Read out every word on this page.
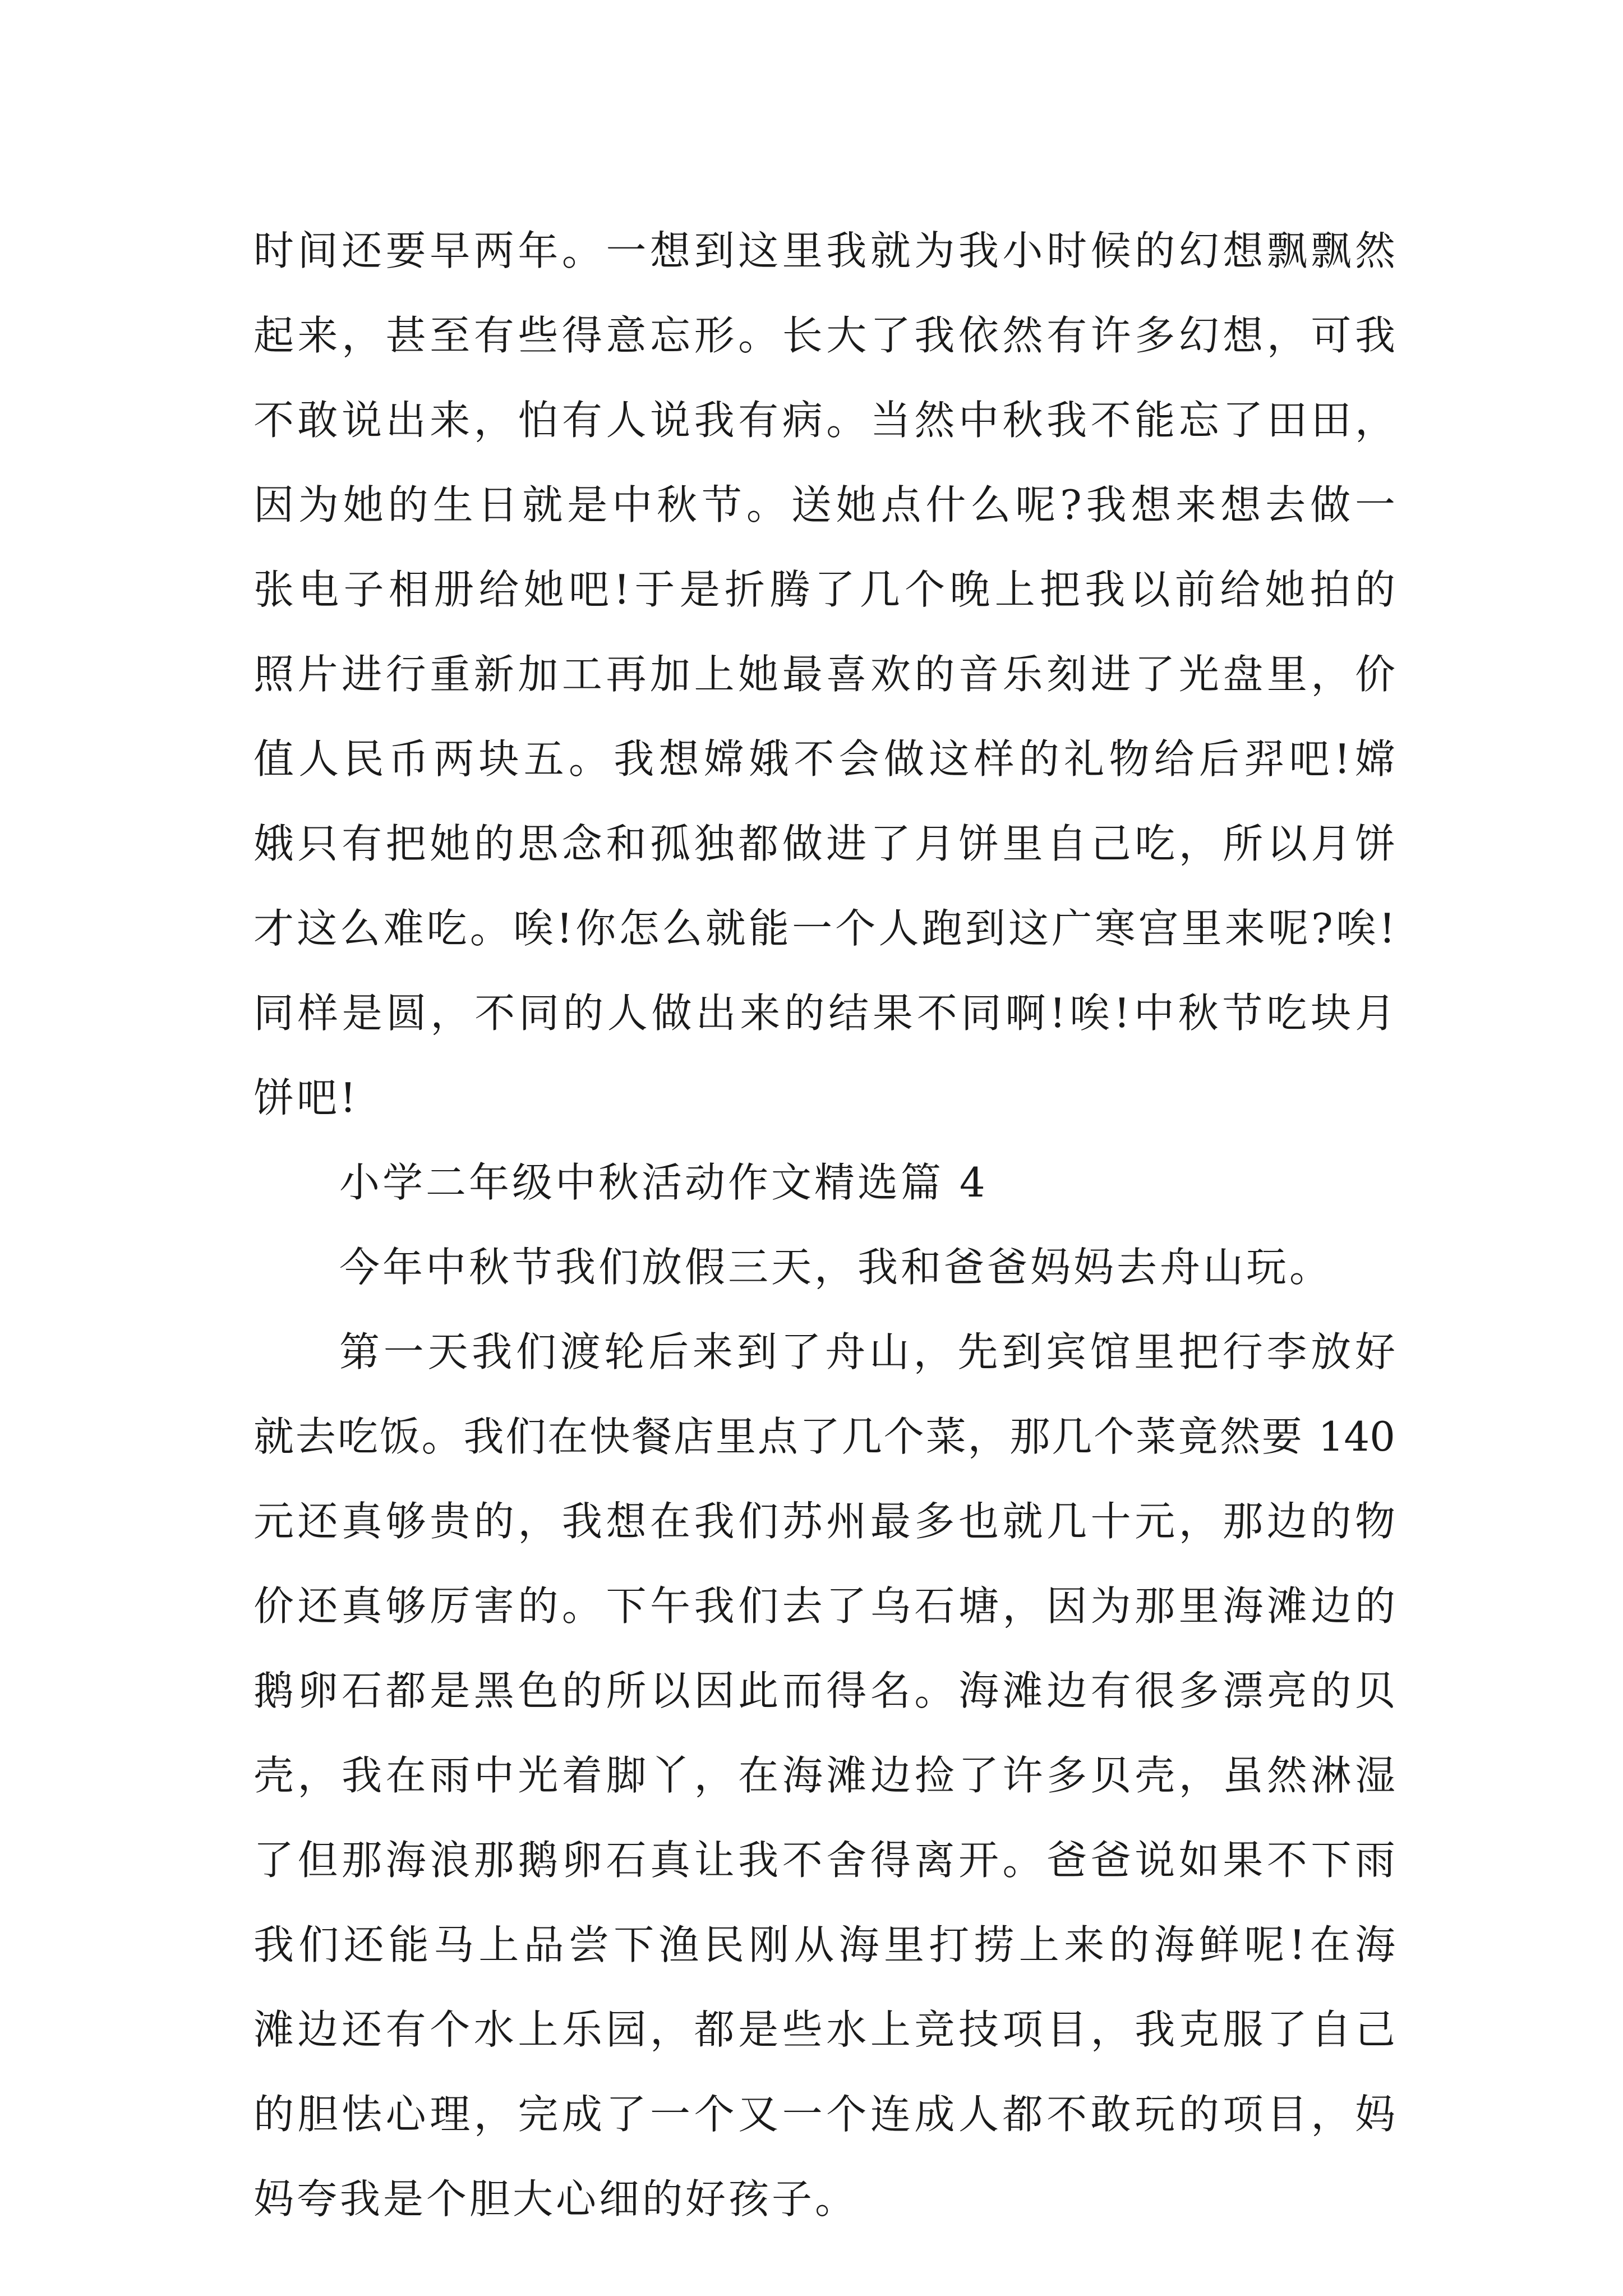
时间还要早两年。一想到这里我就为我小时候的幻想飘飘然
起来，甚至有些得意忘形。长大了我依然有许多幻想，可我
不敢说出来，怕有人说我有病。当然中秋我不能忘了田田，
因为她的生日就是中秋节。送她点什么呢?我想来想去做一
张电子相册给她吧!于是折腾了几个晚上把我以前给她拍的
照片进行重新加工再加上她最喜欢的音乐刻进了光盘里，价
值人民币两块五。我想嫦娥不会做这样的礼物给后羿吧!嫦
娥只有把她的思念和孤独都做进了月饼里自己吃，所以月饼
才这么难吃。唉!你怎么就能一个人跑到这广寒宫里来呢?唉!
同样是圆，不同的人做出来的结果不同啊!唉!中秋节吃块月
饼吧!
小学二年级中秋活动作文精选篇 4
今年中秋节我们放假三天，我和爸爸妈妈去舟山玩。
第一天我们渡轮后来到了舟山，先到宾馆里把行李放好
就去吃饭。我们在快餐店里点了几个菜，那几个菜竟然要 140
元还真够贵的，我想在我们苏州最多也就几十元，那边的物
价还真够厉害的。下午我们去了乌石塘，因为那里海滩边的
鹅卵石都是黑色的所以因此而得名。海滩边有很多漂亮的贝
壳，我在雨中光着脚丫，在海滩边捡了许多贝壳，虽然淋湿
了但那海浪那鹅卵石真让我不舍得离开。爸爸说如果不下雨
我们还能马上品尝下渔民刚从海里打捞上来的海鲜呢!在海
滩边还有个水上乐园，都是些水上竞技项目，我克服了自己
的胆怯心理，完成了一个又一个连成人都不敢玩的项目，妈
妈夸我是个胆大心细的好孩子。
